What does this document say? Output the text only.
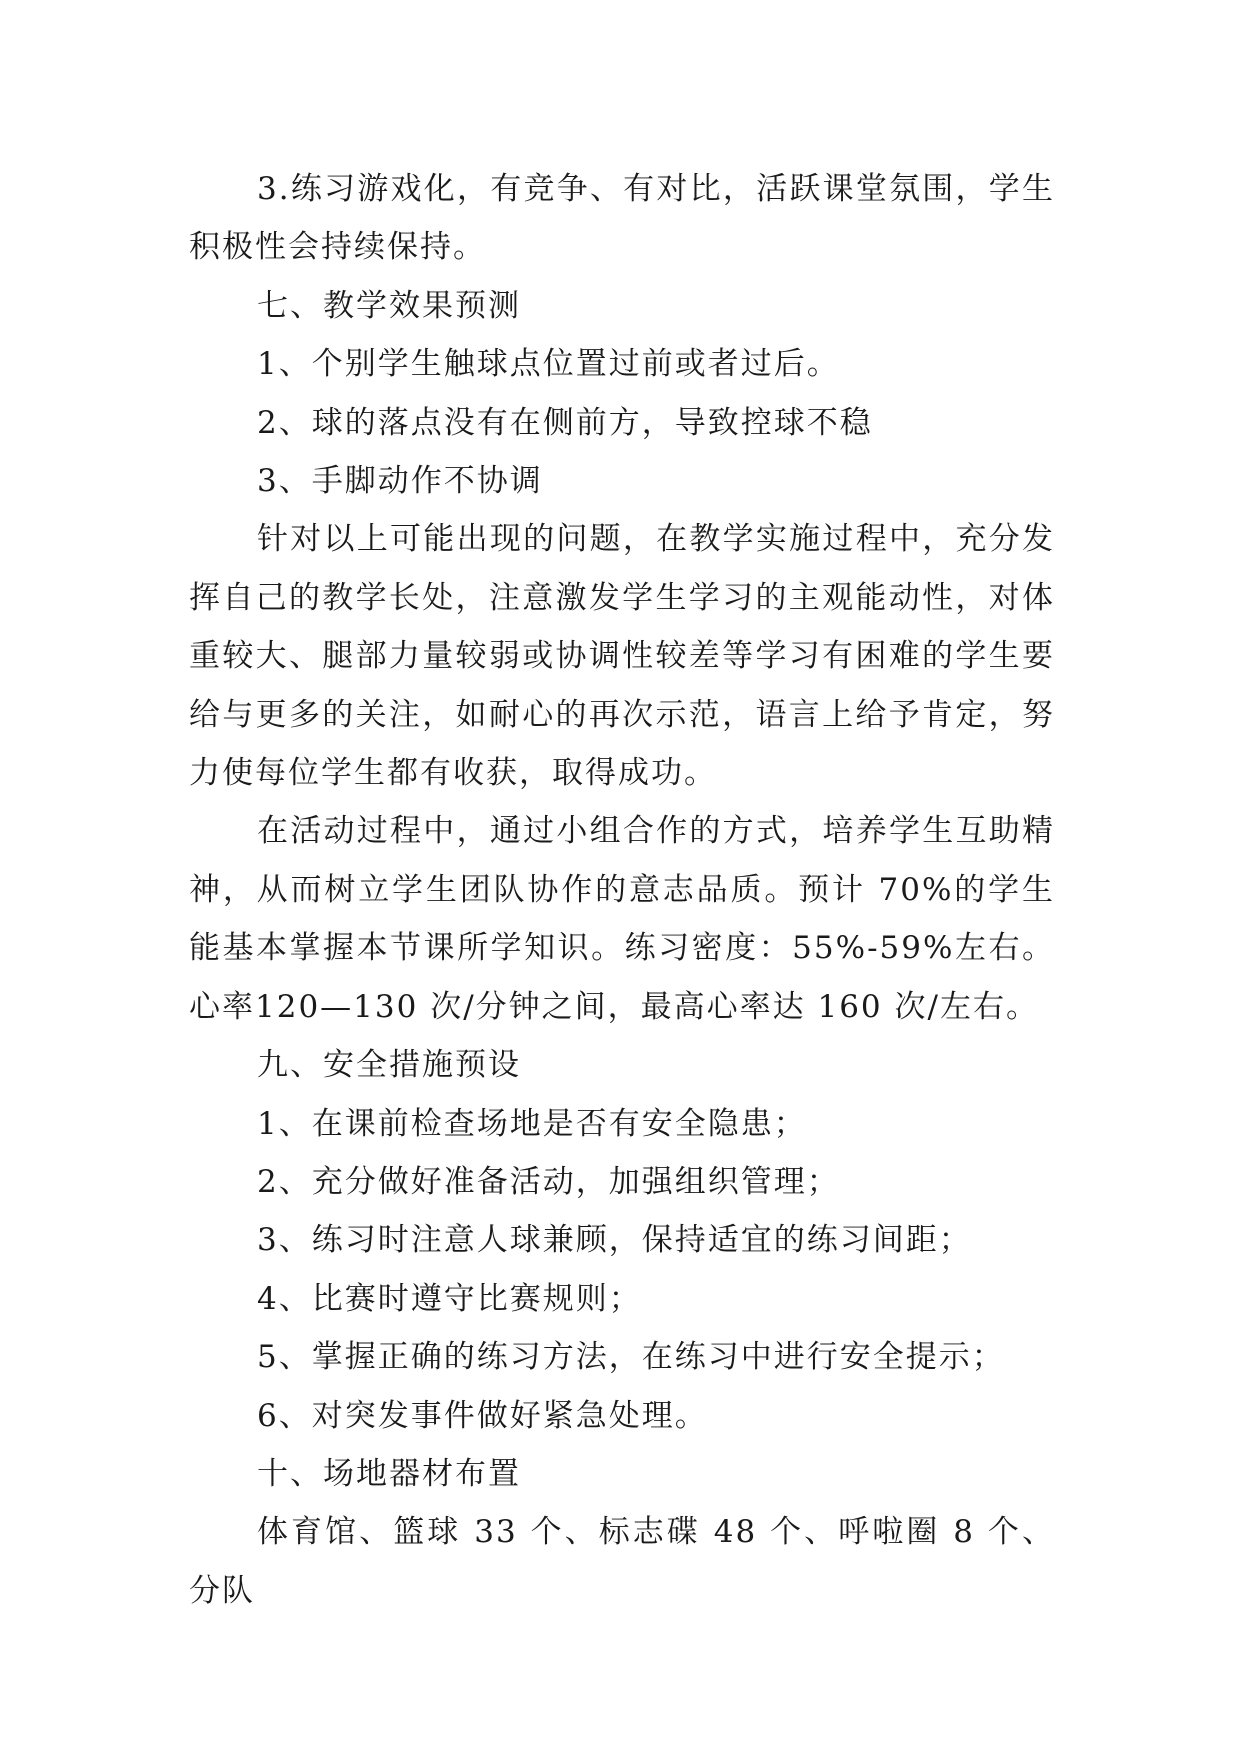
3.练习游戏化，有竞争、有对比，活跃课堂氛围，学生积极性会持续保持。

七、教学效果预测

1、个别学生触球点位置过前或者过后。

2、球的落点没有在侧前方，导致控球不稳

3、手脚动作不协调

针对以上可能出现的问题，在教学实施过程中，充分发挥自己的教学长处，注意激发学生学习的主观能动性，对体重较大、腿部力量较弱或协调性较差等学习有困难的学生要给与更多的关注，如耐心的再次示范，语言上给予肯定，努力使每位学生都有收获，取得成功。

在活动过程中，通过小组合作的方式，培养学生互助精神，从而树立学生团队协作的意志品质。预计 70%的学生能基本掌握本节课所学知识。练习密度：55%-59%左右。心率120—130 次/分钟之间，最高心率达 160 次/左右。

九、安全措施预设

1、在课前检查场地是否有安全隐患；

2、充分做好准备活动，加强组织管理；

3、练习时注意人球兼顾，保持适宜的练习间距；

4、比赛时遵守比赛规则；

5、掌握正确的练习方法，在练习中进行安全提示；

6、对突发事件做好紧急处理。

十、场地器材布置

体育馆、篮球 33 个、标志碟 48 个、呼啦圈 8 个、分队
